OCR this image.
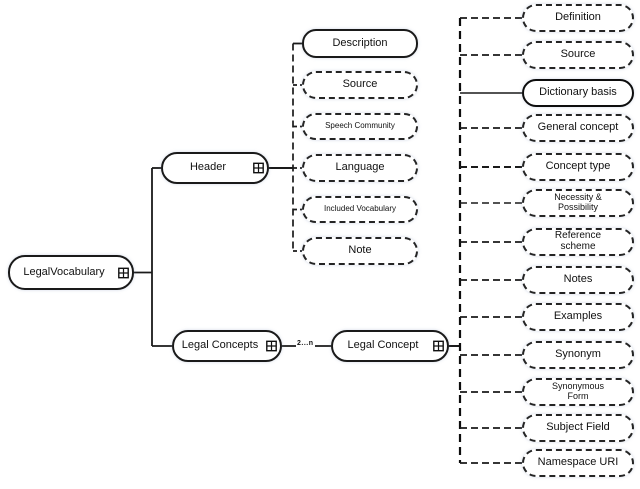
2...n
LegalVocabulary
Header
Description
Source
Speech Community
Language
Included Vocabulary
Note
Legal Concepts	Legal Concept
Definition
Source
Dictionary basis
General concept
Concept type
Necessity & Possibility
Reference scheme
Notes
Examples
Synonym
Synonymous Form
Subject Field
Namespace URI
